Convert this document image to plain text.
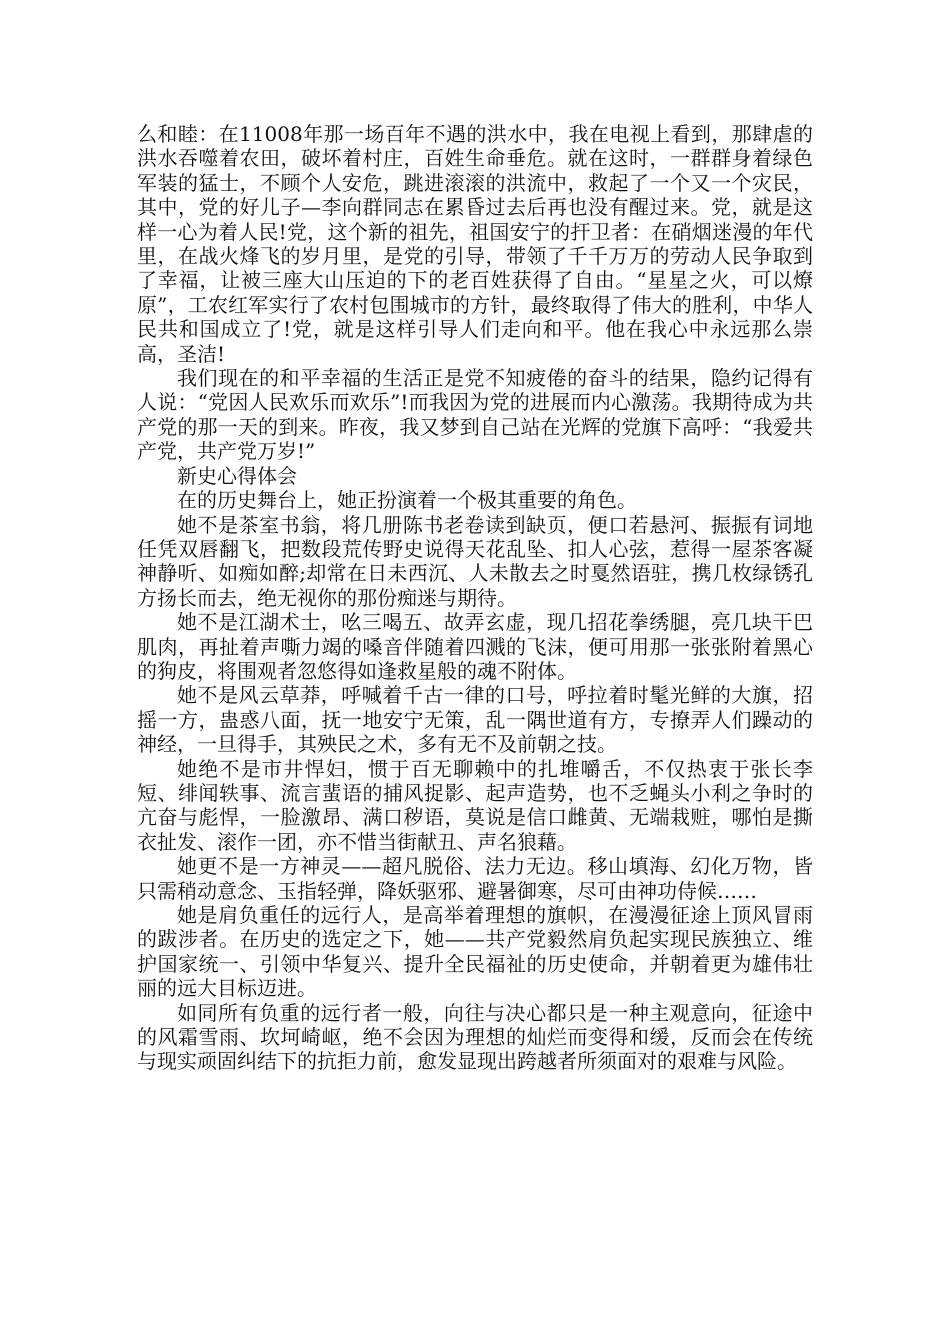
么和睦：在11008年那一场百年不遇的洪水中，我在电视上看到，那肆虐的洪水吞噬着农田，破坏着村庄，百姓生命垂危。就在这时，一群群身着绿色军装的猛士，不顾个人安危，跳进滚滚的洪流中，救起了一个又一个灾民，其中，党的好儿子—李向群同志在累昏过去后再也没有醒过来。党，就是这样一心为着人民!党，这个新的祖先，祖国安宁的扞卫者：在硝烟迷漫的年代里，在战火烽飞的岁月里，是党的引导，带领了千千万万的劳动人民争取到了幸福，让被三座大山压迫的下的老百姓获得了自由。“星星之火，可以燎原”，工农红军实行了农村包围城市的方针，最终取得了伟大的胜利，中华人民共和国成立了!党，就是这样引导人们走向和平。他在我心中永远那么崇高，圣洁!

我们现在的和平幸福的生活正是党不知疲倦的奋斗的结果，隐约记得有人说：“党因人民欢乐而欢乐”!而我因为党的进展而内心激荡。我期待成为共产党的那一天的到来。昨夜，我又梦到自己站在光辉的党旗下高呼：“我爱共产党，共产党万岁!”

新史心得体会

在的历史舞台上，她正扮演着一个极其重要的角色。

她不是茶室书翁，将几册陈书老卷读到缺页，便口若悬河、振振有词地任凭双唇翻飞，把数段荒传野史说得天花乱坠、扣人心弦，惹得一屋茶客凝神静听、如痴如醉;却常在日未西沉、人未散去之时戛然语驻，携几枚绿锈孔方扬长而去，绝无视你的那份痴迷与期待。

她不是江湖术士，吆三喝五、故弄玄虚，现几招花拳绣腿，亮几块干巴肌肉，再扯着声嘶力竭的嗓音伴随着四溅的飞沫，便可用那一张张附着黑心的狗皮，将围观者忽悠得如逢救星般的魂不附体。

她不是风云草莽，呼喊着千古一律的口号，呼拉着时髦光鲜的大旗，招摇一方，蛊惑八面，抚一地安宁无策，乱一隅世道有方，专撩弄人们躁动的神经，一旦得手，其殃民之术，多有无不及前朝之技。

她绝不是市井悍妇，惯于百无聊赖中的扎堆嚼舌，不仅热衷于张长李短、绯闻轶事、流言蜚语的捕风捉影、起声造势，也不乏蝇头小利之争时的亢奋与彪悍，一脸激昂、满口秽语，莫说是信口雌黄、无端栽赃，哪怕是撕衣扯发、滚作一团，亦不惜当街献丑、声名狼藉。

她更不是一方神灵——超凡脱俗、法力无边。移山填海、幻化万物，皆只需稍动意念、玉指轻弹，降妖驱邪、避暑御寒，尽可由神功侍候……

她是肩负重任的远行人，是高举着理想的旗帜，在漫漫征途上顶风冒雨的跋涉者。在历史的选定之下，她——共产党毅然肩负起实现民族独立、维护国家统一、引领中华复兴、提升全民福祉的历史使命，并朝着更为雄伟壮丽的远大目标迈进。

如同所有负重的远行者一般，向往与决心都只是一种主观意向，征途中的风霜雪雨、坎坷崎岖，绝不会因为理想的灿烂而变得和缓，反而会在传统与现实顽固纠结下的抗拒力前，愈发显现出跨越者所须面对的艰难与风险。
